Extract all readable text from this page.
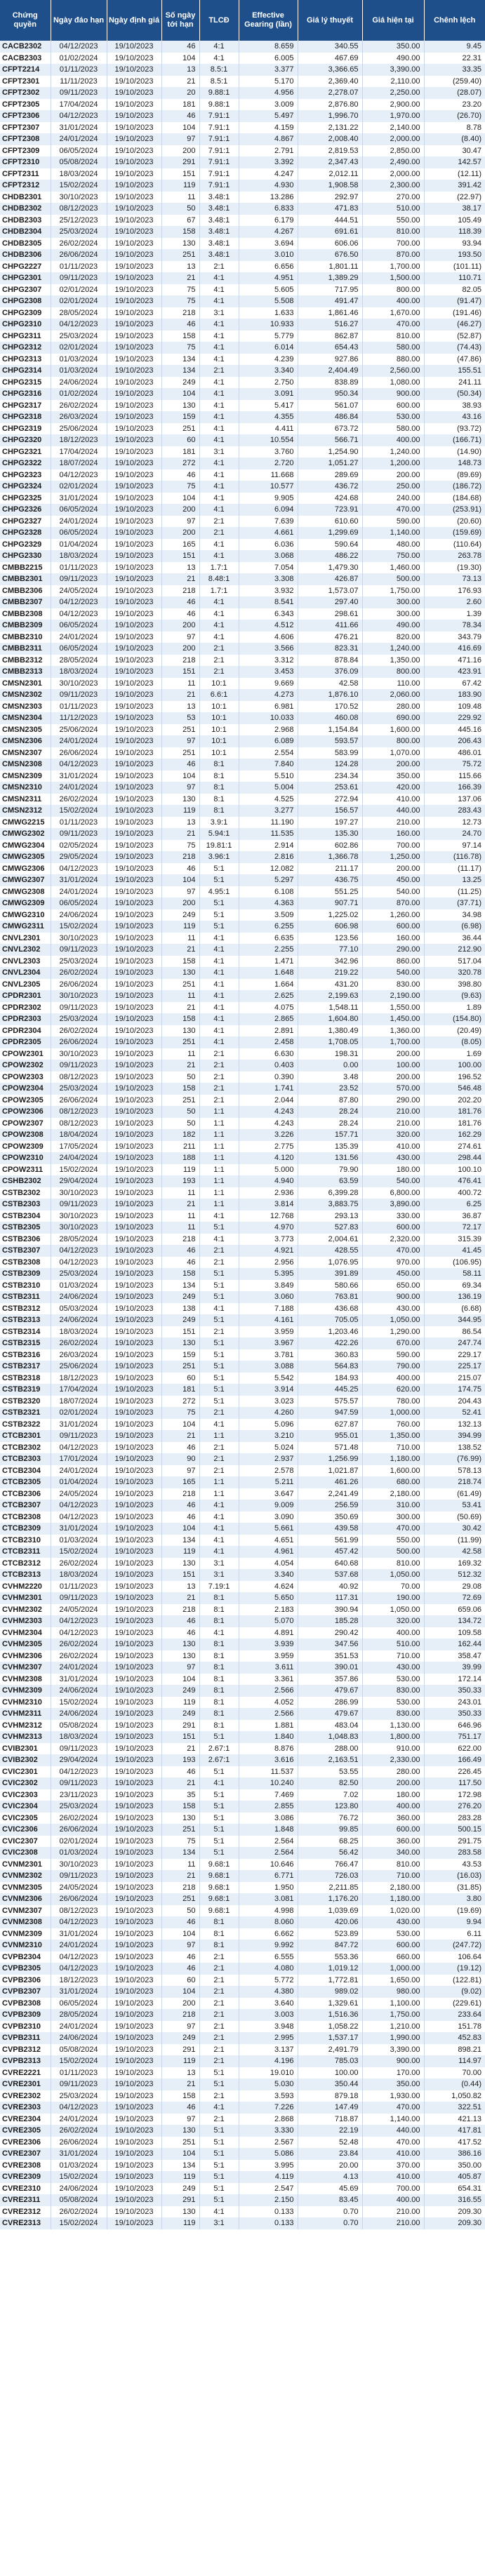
Chứng quyền	Ngày đáo hạn	Ngày định giá	Số ngày tới hạn	TLCĐ	Effective Gearing (lần)	Giá lý thuyết	Giá hiện tại	Chênh lệch
CACB2302	04/12/2023	19/10/2023	46	4:1	8.659	340.55	350.00	9.45
CACB2303	01/02/2024	19/10/2023	104	4:1	6.005	467.69	490.00	22.31
CFPT2214	01/11/2023	19/10/2023	13	8.5:1	3.377	3,366.65	3,390.00	33.35
CFPT2301	11/11/2023	19/10/2023	21	8.5:1	5.170	2,369.40	2,110.00	(259.40)
CFPT2302	09/11/2023	19/10/2023	20	9.88:1	4.956	2,278.07	2,250.00	(28.07)
CFPT2305	17/04/2024	19/10/2023	181	9.88:1	3.009	2,876.80	2,900.00	23.20
CFPT2306	04/12/2023	19/10/2023	46	7.91:1	5.497	1,996.70	1,970.00	(26.70)
CFPT2307	31/01/2024	19/10/2023	104	7.91:1	4.159	2,131.22	2,140.00	8.78
CFPT2308	24/01/2024	19/10/2023	97	7.91:1	4.867	2,008.40	2,000.00	(8.40)
CFPT2309	06/05/2024	19/10/2023	200	7.91:1	2.791	2,819.53	2,850.00	30.47
CFPT2310	05/08/2024	19/10/2023	291	7.91:1	3.392	2,347.43	2,490.00	142.57
CFPT2311	18/03/2024	19/10/2023	151	7.91:1	4.247	2,012.11	2,000.00	(12.11)
CFPT2312	15/02/2024	19/10/2023	119	7.91:1	4.930	1,908.58	2,300.00	391.42
CHDB2301	30/10/2023	19/10/2023	11	3.48:1	13.286	292.97	270.00	(22.97)
CHDB2302	08/12/2023	19/10/2023	50	3.48:1	6.833	471.83	510.00	38.17
CHDB2303	25/12/2023	19/10/2023	67	3.48:1	6.179	444.51	550.00	105.49
CHDB2304	25/03/2024	19/10/2023	158	3.48:1	4.267	691.61	810.00	118.39
CHDB2305	26/02/2024	19/10/2023	130	3.48:1	3.694	606.06	700.00	93.94
CHDB2306	26/06/2024	19/10/2023	251	3.48:1	3.010	676.50	870.00	193.50
CHPG2227	01/11/2023	19/10/2023	13	2:1	6.656	1,801.11	1,700.00	(101.11)
CHPG2301	09/11/2023	19/10/2023	21	4:1	4.951	1,389.29	1,500.00	110.71
CHPG2307	02/01/2024	19/10/2023	75	4:1	5.605	717.95	800.00	82.05
CHPG2308	02/01/2024	19/10/2023	75	4:1	5.508	491.47	400.00	(91.47)
CHPG2309	28/05/2024	19/10/2023	218	3:1	1.633	1,861.46	1,670.00	(191.46)
CHPG2310	04/12/2023	19/10/2023	46	4:1	10.933	516.27	470.00	(46.27)
CHPG2311	25/03/2024	19/10/2023	158	4:1	5.779	862.87	810.00	(52.87)
CHPG2312	02/01/2024	19/10/2023	75	4:1	6.014	654.43	580.00	(74.43)
CHPG2313	01/03/2024	19/10/2023	134	4:1	4.239	927.86	880.00	(47.86)
CHPG2314	01/03/2024	19/10/2023	134	2:1	3.340	2,404.49	2,560.00	155.51
CHPG2315	24/06/2024	19/10/2023	249	4:1	2.750	838.89	1,080.00	241.11
CHPG2316	01/02/2024	19/10/2023	104	4:1	3.091	950.34	900.00	(50.34)
CHPG2317	26/02/2024	19/10/2023	130	4:1	5.417	561.07	600.00	38.93
CHPG2318	26/03/2024	19/10/2023	159	4:1	4.355	486.84	530.00	43.16
CHPG2319	25/06/2024	19/10/2023	251	4:1	4.411	673.72	580.00	(93.72)
CHPG2320	18/12/2023	19/10/2023	60	4:1	10.554	566.71	400.00	(166.71)
CHPG2321	17/04/2024	19/10/2023	181	3:1	3.760	1,254.90	1,240.00	(14.90)
CHPG2322	18/07/2024	19/10/2023	272	4:1	2.720	1,051.27	1,200.00	148.73
CHPG2323	04/12/2023	19/10/2023	46	4:1	11.668	289.69	200.00	(89.69)
CHPG2324	02/01/2024	19/10/2023	75	4:1	10.577	436.72	250.00	(186.72)
CHPG2325	31/01/2024	19/10/2023	104	4:1	9.905	424.68	240.00	(184.68)
CHPG2326	06/05/2024	19/10/2023	200	4:1	6.094	723.91	470.00	(253.91)
CHPG2327	24/01/2024	19/10/2023	97	2:1	7.639	610.60	590.00	(20.60)
CHPG2328	06/05/2024	19/10/2023	200	2:1	4.661	1,299.69	1,140.00	(159.69)
CHPG2329	01/04/2024	19/10/2023	165	4:1	6.036	590.64	480.00	(110.64)
CHPG2330	18/03/2024	19/10/2023	151	4:1	3.068	486.22	750.00	263.78
CMBB2215	01/11/2023	19/10/2023	13	1.7:1	7.054	1,479.30	1,460.00	(19.30)
CMBB2301	09/11/2023	19/10/2023	21	8.48:1	3.308	426.87	500.00	73.13
CMBB2306	24/05/2024	19/10/2023	218	1.7:1	3.932	1,573.07	1,750.00	176.93
CMBB2307	04/12/2023	19/10/2023	46	4:1	8.541	297.40	300.00	2.60
CMBB2308	04/12/2023	19/10/2023	46	4:1	6.343	298.61	300.00	1.39
CMBB2309	06/05/2024	19/10/2023	200	4:1	4.512	411.66	490.00	78.34
CMBB2310	24/01/2024	19/10/2023	97	4:1	4.606	476.21	820.00	343.79
CMBB2311	06/05/2024	19/10/2023	200	2:1	3.566	823.31	1,240.00	416.69
CMBB2312	28/05/2024	19/10/2023	218	2:1	3.312	878.84	1,350.00	471.16
CMBB2313	18/03/2024	19/10/2023	151	2:1	3.453	376.09	800.00	423.91
CMSN2301	30/10/2023	19/10/2023	11	10:1	9.669	42.58	110.00	67.42
CMSN2302	09/11/2023	19/10/2023	21	6.6:1	4.273	1,876.10	2,060.00	183.90
CMSN2303	01/11/2023	19/10/2023	13	10:1	6.981	170.52	280.00	109.48
CMSN2304	11/12/2023	19/10/2023	53	10:1	10.033	460.08	690.00	229.92
CMSN2305	25/06/2024	19/10/2023	251	10:1	2.968	1,154.84	1,600.00	445.16
CMSN2306	24/01/2024	19/10/2023	97	10:1	6.089	593.57	800.00	206.43
CMSN2307	26/06/2024	19/10/2023	251	10:1	2.554	583.99	1,070.00	486.01
CMSN2308	04/12/2023	19/10/2023	46	8:1	7.840	124.28	200.00	75.72
CMSN2309	31/01/2024	19/10/2023	104	8:1	5.510	234.34	350.00	115.66
CMSN2310	24/01/2024	19/10/2023	97	8:1	5.004	253.61	420.00	166.39
CMSN2311	26/02/2024	19/10/2023	130	8:1	4.525	272.94	410.00	137.06
CMSN2312	15/02/2024	19/10/2023	119	8:1	3.277	156.57	440.00	283.43
CMWG2215	01/11/2023	19/10/2023	13	3.9:1	11.190	197.27	210.00	12.73
CMWG2302	09/11/2023	19/10/2023	21	5.94:1	11.535	135.30	160.00	24.70
CMWG2304	02/05/2024	19/10/2023	75	19.81:1	2.914	602.86	700.00	97.14
CMWG2305	29/05/2024	19/10/2023	218	3.96:1	2.816	1,366.78	1,250.00	(116.78)
CMWG2306	04/12/2023	19/10/2023	46	5:1	12.082	211.17	200.00	(11.17)
CMWG2307	31/01/2024	19/10/2023	104	5:1	5.297	436.75	450.00	13.25
CMWG2308	24/01/2024	19/10/2023	97	4.95:1	6.108	551.25	540.00	(11.25)
CMWG2309	06/05/2024	19/10/2023	200	5:1	4.363	907.71	870.00	(37.71)
CMWG2310	24/06/2024	19/10/2023	249	5:1	3.509	1,225.02	1,260.00	34.98
CMWG2311	15/02/2024	19/10/2023	119	5:1	6.255	606.98	600.00	(6.98)
CNVL2301	30/10/2023	19/10/2023	11	4:1	6.635	123.56	160.00	36.44
CNVL2302	09/11/2023	19/10/2023	21	4:1	2.255	77.10	290.00	212.90
CNVL2303	25/03/2024	19/10/2023	158	4:1	1.471	342.96	860.00	517.04
CNVL2304	26/02/2024	19/10/2023	130	4:1	1.648	219.22	540.00	320.78
CNVL2305	26/06/2024	19/10/2023	251	4:1	1.664	431.20	830.00	398.80
CPDR2301	30/10/2023	19/10/2023	11	4:1	2.625	2,199.63	2,190.00	(9.63)
CPDR2302	09/11/2023	19/10/2023	21	4:1	4.075	1,548.11	1,550.00	1.89
CPDR2303	25/03/2024	19/10/2023	158	4:1	2.865	1,604.80	1,450.00	(154.80)
CPDR2304	26/02/2024	19/10/2023	130	4:1	2.891	1,380.49	1,360.00	(20.49)
CPDR2305	26/06/2024	19/10/2023	251	4:1	2.458	1,708.05	1,700.00	(8.05)
CPOW2301	30/10/2023	19/10/2023	11	2:1	6.630	198.31	200.00	1.69
CPOW2302	09/11/2023	19/10/2023	21	2:1	0.403	0.00	100.00	100.00
CPOW2303	08/12/2023	19/10/2023	50	2:1	0.390	3.48	200.00	196.52
CPOW2304	25/03/2024	19/10/2023	158	2:1	1.741	23.52	570.00	546.48
CPOW2305	26/06/2024	19/10/2023	251	2:1	2.044	87.80	290.00	202.20
CPOW2306	08/12/2023	19/10/2023	50	1:1	4.243	28.24	210.00	181.76
CPOW2307	08/12/2023	19/10/2023	50	1:1	4.243	28.24	210.00	181.76
CPOW2308	18/04/2024	19/10/2023	182	1:1	3.226	157.71	320.00	162.29
CPOW2309	17/05/2024	19/10/2023	211	1:1	2.775	135.39	410.00	274.61
CPOW2310	24/04/2024	19/10/2023	188	1:1	4.120	131.56	430.00	298.44
CPOW2311	15/02/2024	19/10/2023	119	1:1	5.000	79.90	180.00	100.10
CSHB2302	29/04/2024	19/10/2023	193	1:1	4.940	63.59	540.00	476.41
CSTB2302	30/10/2023	19/10/2023	11	1:1	2.936	6,399.28	6,800.00	400.72
CSTB2303	09/11/2023	19/10/2023	21	1:1	3.814	3,883.75	3,890.00	6.25
CSTB2304	30/10/2023	19/10/2023	11	4:1	12.768	293.13	330.00	36.87
CSTB2305	30/10/2023	19/10/2023	11	5:1	4.970	527.83	600.00	72.17
CSTB2306	28/05/2024	19/10/2023	218	4:1	3.773	2,004.61	2,320.00	315.39
CSTB2307	04/12/2023	19/10/2023	46	2:1	4.921	428.55	470.00	41.45
CSTB2308	04/12/2023	19/10/2023	46	2:1	2.956	1,076.95	970.00	(106.95)
CSTB2309	25/03/2024	19/10/2023	158	5:1	5.395	391.89	450.00	58.11
CSTB2310	01/03/2024	19/10/2023	134	5:1	3.849	580.66	650.00	69.34
CSTB2311	24/06/2024	19/10/2023	249	5:1	3.060	763.81	900.00	136.19
CSTB2312	05/03/2024	19/10/2023	138	4:1	7.188	436.68	430.00	(6.68)
CSTB2313	24/06/2024	19/10/2023	249	5:1	4.161	705.05	1,050.00	344.95
CSTB2314	18/03/2024	19/10/2023	151	2:1	3.959	1,203.46	1,290.00	86.54
CSTB2315	26/02/2024	19/10/2023	130	5:1	3.967	422.26	670.00	247.74
CSTB2316	26/03/2024	19/10/2023	159	5:1	3.781	360.83	590.00	229.17
CSTB2317	25/06/2024	19/10/2023	251	5:1	3.088	564.83	790.00	225.17
CSTB2318	18/12/2023	19/10/2023	60	5:1	5.542	184.93	400.00	215.07
CSTB2319	17/04/2024	19/10/2023	181	5:1	3.914	445.25	620.00	174.75
CSTB2320	18/07/2024	19/10/2023	272	5:1	3.023	575.57	780.00	204.43
CSTB2321	02/01/2024	19/10/2023	75	2:1	4.260	947.59	1,000.00	52.41
CSTB2322	31/01/2024	19/10/2023	104	4:1	5.096	627.87	760.00	132.13
CTCB2301	09/11/2023	19/10/2023	21	1:1	3.210	955.01	1,350.00	394.99
CTCB2302	04/12/2023	19/10/2023	46	2:1	5.024	571.48	710.00	138.52
CTCB2303	17/01/2024	19/10/2023	90	2:1	2.937	1,256.99	1,180.00	(76.99)
CTCB2304	24/01/2024	19/10/2023	97	2:1	2.578	1,021.87	1,600.00	578.13
CTCB2305	01/04/2024	19/10/2023	165	1:1	5.211	461.26	680.00	218.74
CTCB2306	24/05/2024	19/10/2023	218	1:1	3.647	2,241.49	2,180.00	(61.49)
CTCB2307	04/12/2023	19/10/2023	46	4:1	9.009	256.59	310.00	53.41
CTCB2308	04/12/2023	19/10/2023	46	4:1	3.090	350.69	300.00	(50.69)
CTCB2309	31/01/2024	19/10/2023	104	4:1	5.661	439.58	470.00	30.42
CTCB2310	01/03/2024	19/10/2023	134	4:1	4.651	561.99	550.00	(11.99)
CTCB2311	15/02/2024	19/10/2023	119	4:1	4.961	457.42	500.00	42.58
CTCB2312	26/02/2024	19/10/2023	130	3:1	4.054	640.68	810.00	169.32
CTCB2313	18/03/2024	19/10/2023	151	3:1	3.340	537.68	1,050.00	512.32
CVHM2220	01/11/2023	19/10/2023	13	7.19:1	4.624	40.92	70.00	29.08
CVHM2301	09/11/2023	19/10/2023	21	8:1	5.650	117.31	190.00	72.69
CVHM2302	24/05/2024	19/10/2023	218	8:1	2.183	390.94	1,050.00	659.06
CVHM2303	04/12/2023	19/10/2023	46	8:1	5.070	185.28	320.00	134.72
CVHM2304	04/12/2023	19/10/2023	46	4:1	4.891	290.42	400.00	109.58
CVHM2305	26/02/2024	19/10/2023	130	8:1	3.939	347.56	510.00	162.44
CVHM2306	26/02/2024	19/10/2023	130	8:1	3.959	351.53	710.00	358.47
CVHM2307	24/01/2024	19/10/2023	97	8:1	3.611	390.01	430.00	39.99
CVHM2308	31/01/2024	19/10/2023	104	8:1	3.361	357.86	530.00	172.14
CVHM2309	24/06/2024	19/10/2023	249	8:1	2.566	479.67	830.00	350.33
CVHM2310	15/02/2024	19/10/2023	119	8:1	4.052	286.99	530.00	243.01
CVHM2311	24/06/2024	19/10/2023	249	8:1	2.566	479.67	830.00	350.33
CVHM2312	05/08/2024	19/10/2023	291	8:1	1.881	483.04	1,130.00	646.96
CVHM2313	18/03/2024	19/10/2023	151	5:1	1.840	1,048.83	1,800.00	751.17
CVIB2301	09/11/2023	19/10/2023	21	2.67:1	8.876	288.00	910.00	622.00
CVIB2302	29/04/2024	19/10/2023	193	2.67:1	3.616	2,163.51	2,330.00	166.49
CVIC2301	04/12/2023	19/10/2023	46	5:1	11.537	53.55	280.00	226.45
CVIC2302	09/11/2023	19/10/2023	21	4:1	10.240	82.50	200.00	117.50
CVIC2303	23/11/2023	19/10/2023	35	5:1	7.469	7.02	180.00	172.98
CVIC2304	25/03/2024	19/10/2023	158	5:1	2.855	123.80	400.00	276.20
CVIC2305	26/02/2024	19/10/2023	130	5:1	3.086	76.72	360.00	283.28
CVIC2306	26/06/2024	19/10/2023	251	5:1	1.848	99.85	600.00	500.15
CVIC2307	02/01/2024	19/10/2023	75	5:1	2.564	68.25	360.00	291.75
CVIC2308	01/03/2024	19/10/2023	134	5:1	2.564	56.42	340.00	283.58
CVNM2301	30/10/2023	19/10/2023	11	9.68:1	10.646	766.47	810.00	43.53
CVNM2302	09/11/2023	19/10/2023	21	9.68:1	6.771	726.03	710.00	(16.03)
CVNM2305	24/05/2024	19/10/2023	218	9.68:1	1.950	2,211.85	2,180.00	(31.85)
CVNM2306	26/06/2024	19/10/2023	251	9.68:1	3.081	1,176.20	1,180.00	3.80
CVNM2307	08/12/2023	19/10/2023	50	9.68:1	4.998	1,039.69	1,020.00	(19.69)
CVNM2308	04/12/2023	19/10/2023	46	8:1	8.060	420.06	430.00	9.94
CVNM2309	31/01/2024	19/10/2023	104	8:1	6.662	523.89	530.00	6.11
CVNM2310	24/01/2024	19/10/2023	97	8:1	9.992	847.72	600.00	(247.72)
CVPB2304	04/12/2023	19/10/2023	46	2:1	6.555	553.36	660.00	106.64
CVPB2305	04/12/2023	19/10/2023	46	2:1	4.080	1,019.12	1,000.00	(19.12)
CVPB2306	18/12/2023	19/10/2023	60	2:1	5.772	1,772.81	1,650.00	(122.81)
CVPB2307	31/01/2024	19/10/2023	104	2:1	4.380	989.02	980.00	(9.02)
CVPB2308	06/05/2024	19/10/2023	200	2:1	3.640	1,329.61	1,100.00	(229.61)
CVPB2309	28/05/2024	19/10/2023	218	2:1	3.003	1,516.36	1,750.00	233.64
CVPB2310	24/01/2024	19/10/2023	97	2:1	3.948	1,058.22	1,210.00	151.78
CVPB2311	24/06/2024	19/10/2023	249	2:1	2.995	1,537.17	1,990.00	452.83
CVPB2312	05/08/2024	19/10/2023	291	2:1	3.137	2,491.79	3,390.00	898.21
CVPB2313	15/02/2024	19/10/2023	119	2:1	4.196	785.03	900.00	114.97
CVRE2221	01/11/2023	19/10/2023	13	5:1	19.010	100.00	170.00	70.00
CVRE2301	09/11/2023	19/10/2023	21	5:1	5.030	350.44	350.00	(0.44)
CVRE2302	25/03/2024	19/10/2023	158	2:1	3.593	879.18	1,930.00	1,050.82
CVRE2303	04/12/2023	19/10/2023	46	4:1	7.226	147.49	470.00	322.51
CVRE2304	24/01/2024	19/10/2023	97	2:1	2.868	718.87	1,140.00	421.13
CVRE2305	26/02/2024	19/10/2023	130	5:1	3.330	22.19	440.00	417.81
CVRE2306	26/06/2024	19/10/2023	251	5:1	2.567	52.48	470.00	417.52
CVRE2307	31/01/2024	19/10/2023	104	5:1	5.086	23.84	410.00	386.16
CVRE2308	01/03/2024	19/10/2023	134	5:1	3.995	20.00	370.00	350.00
CVRE2309	15/02/2024	19/10/2023	119	5:1	4.119	4.13	410.00	405.87
CVRE2310	24/06/2024	19/10/2023	249	5:1	2.547	45.69	700.00	654.31
CVRE2311	05/08/2024	19/10/2023	291	5:1	2.150	83.45	400.00	316.55
CVRE2312	26/02/2024	19/10/2023	130	4:1	0.133	0.70	210.00	209.30
CVRE2313	15/02/2024	19/10/2023	119	3:1	0.133	0.70	210.00	209.30
